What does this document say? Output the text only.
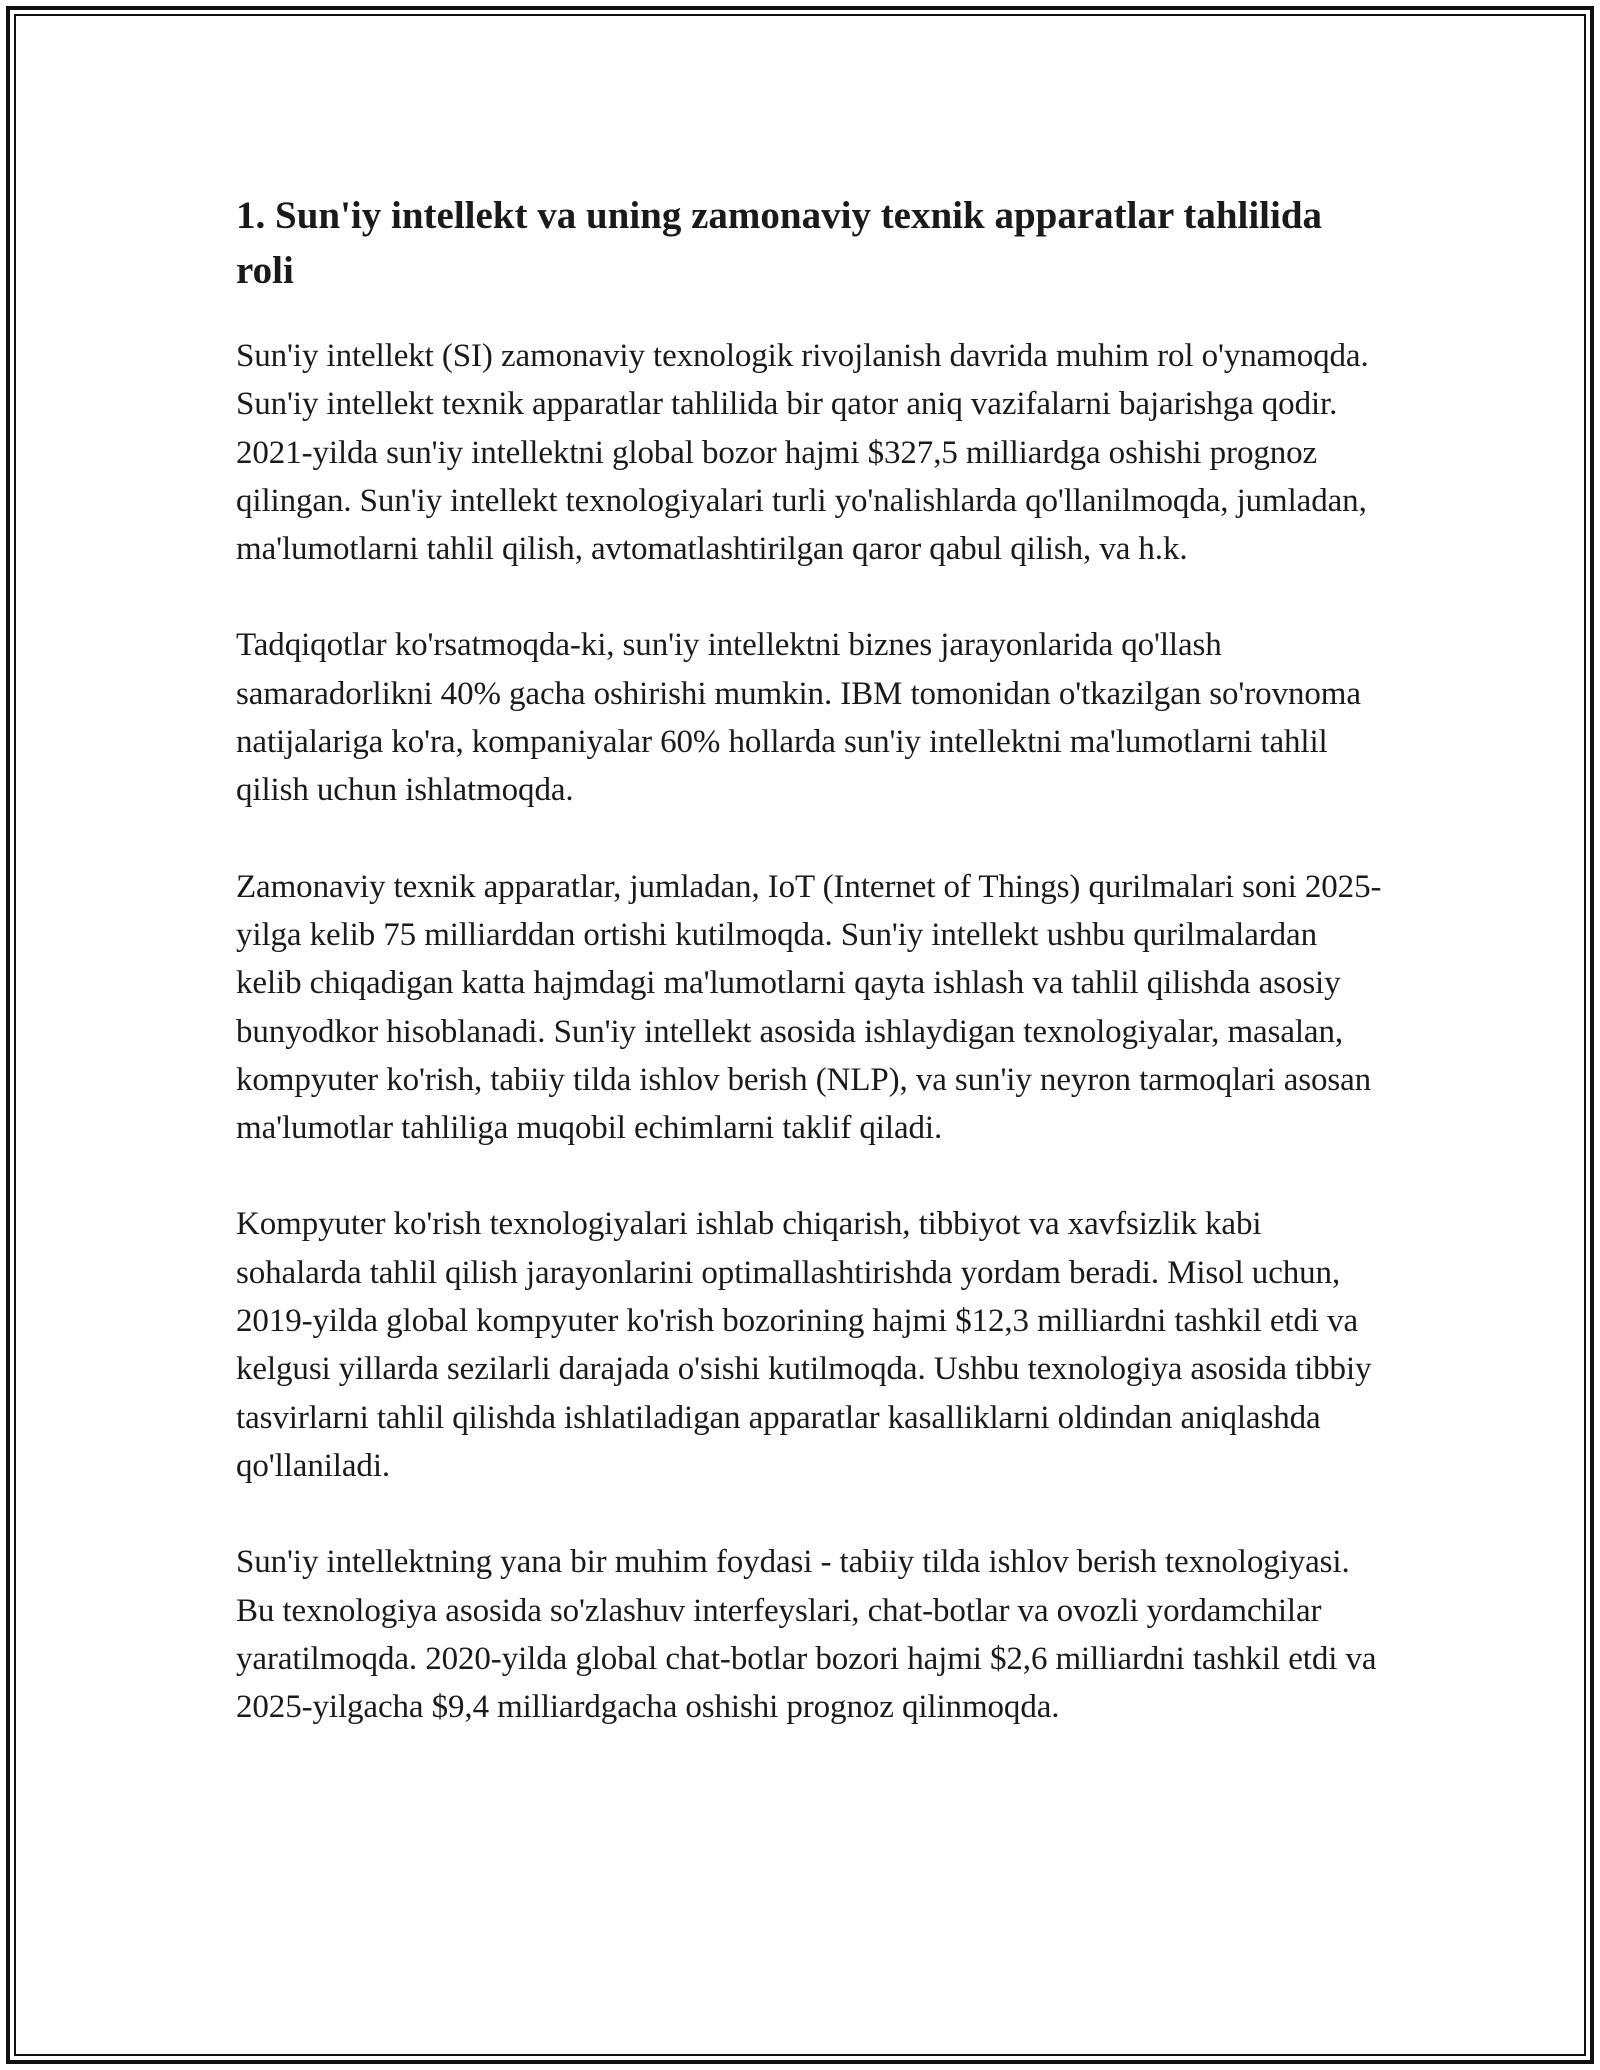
1. Sun'iy intellekt va uning zamonaviy texnik apparatlar tahlilida roli

Sun'iy intellekt (SI) zamonaviy texnologik rivojlanish davrida muhim rol o'ynamoqda. Sun'iy intellekt texnik apparatlar tahlilida bir qator aniq vazifalarni bajarishga qodir. 2021-yilda sun'iy intellektni global bozor hajmi $327,5 milliardga oshishi prognoz qilingan. Sun'iy intellekt texnologiyalari turli yo'nalishlarda qo'llanilmoqda, jumladan, ma'lumotlarni tahlil qilish, avtomatlashtirilgan qaror qabul qilish, va h.k.

Tadqiqotlar ko'rsatmoqda-ki, sun'iy intellektni biznes jarayonlarida qo'llash samaradorlikni 40% gacha oshirishi mumkin. IBM tomonidan o'tkazilgan so'rovnoma natijalariga ko'ra, kompaniyalar 60% hollarda sun'iy intellektni ma'lumotlarni tahlil qilish uchun ishlatmoqda.

Zamonaviy texnik apparatlar, jumladan, IoT (Internet of Things) qurilmalari soni 2025-yilga kelib 75 milliarddan ortishi kutilmoqda. Sun'iy intellekt ushbu qurilmalardan kelib chiqadigan katta hajmdagi ma'lumotlarni qayta ishlash va tahlil qilishda asosiy bunyodkor hisoblanadi. Sun'iy intellekt asosida ishlaydigan texnologiyalar, masalan, kompyuter ko'rish, tabiiy tilda ishlov berish (NLP), va sun'iy neyron tarmoqlari asosan ma'lumotlar tahliliga muqobil echimlarni taklif qiladi.

Kompyuter ko'rish texnologiyalari ishlab chiqarish, tibbiyot va xavfsizlik kabi sohalarda tahlil qilish jarayonlarini optimallashtirishda yordam beradi. Misol uchun, 2019-yilda global kompyuter ko'rish bozorining hajmi $12,3 milliardni tashkil etdi va kelgusi yillarda sezilarli darajada o'sishi kutilmoqda. Ushbu texnologiya asosida tibbiy tasvirlarni tahlil qilishda ishlatiladigan apparatlar kasalliklarni oldindan aniqlashda qo'llaniladi.

Sun'iy intellektning yana bir muhim foydasi - tabiiy tilda ishlov berish texnologiyasi. Bu texnologiya asosida so'zlashuv interfeyslari, chat-botlar va ovozli yordamchilar yaratilmoqda. 2020-yilda global chat-botlar bozori hajmi $2,6 milliardni tashkil etdi va 2025-yilgacha $9,4 milliardgacha oshishi prognoz qilinmoqda.
